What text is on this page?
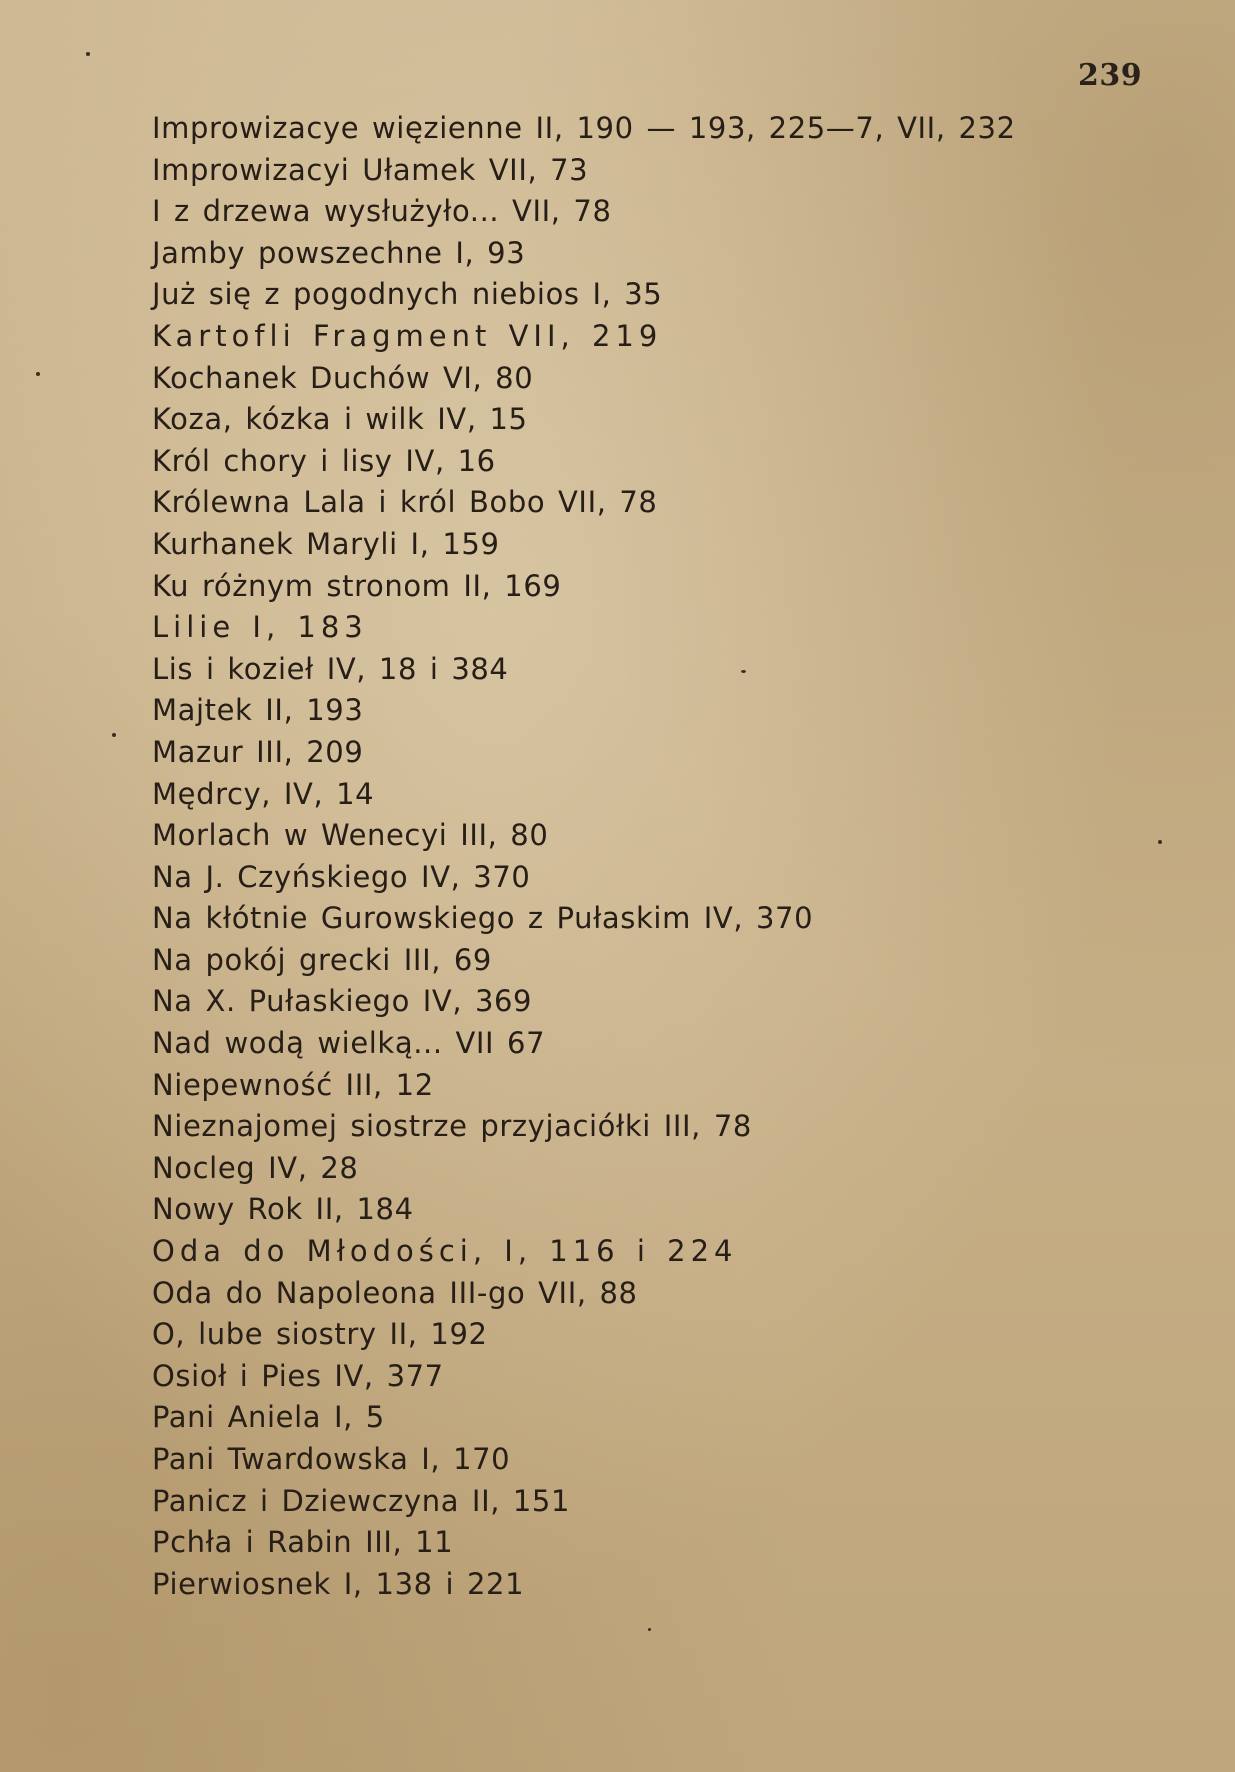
239
Improwizacye więzienne II, 190 — 193, 225—7, VII, 232
Improwizacyi Ułamek VII, 73
I z drzewa wysłużyło... VII, 78
Jamby powszechne I, 93
Już się z pogodnych niebios I, 35
Kartofli Fragment VII, 219
Kochanek Duchów VI, 80
Koza, kózka i wilk IV, 15
Król chory i lisy IV, 16
Królewna Lala i król Bobo VII, 78
Kurhanek Maryli I, 159
Ku różnym stronom II, 169
Lilie I, 183
Lis i kozieł IV, 18 i 384
Majtek II, 193
Mazur III, 209
Mędrcy, IV, 14
Morlach w Wenecyi III, 80
Na J. Czyńskiego IV, 370
Na kłótnie Gurowskiego z Pułaskim IV, 370
Na pokój grecki III, 69
Na X. Pułaskiego IV, 369
Nad wodą wielką... VII 67
Niepewność III, 12
Nieznajomej siostrze przyjaciółki III, 78
Nocleg IV, 28
Nowy Rok II, 184
Oda do Młodości, I, 116 i 224
Oda do Napoleona III-go VII, 88
O, lube siostry II, 192
Osioł i Pies IV, 377
Pani Aniela I, 5
Pani Twardowska I, 170
Panicz i Dziewczyna II, 151
Pchła i Rabin III, 11
Pierwiosnek I, 138 i 221
